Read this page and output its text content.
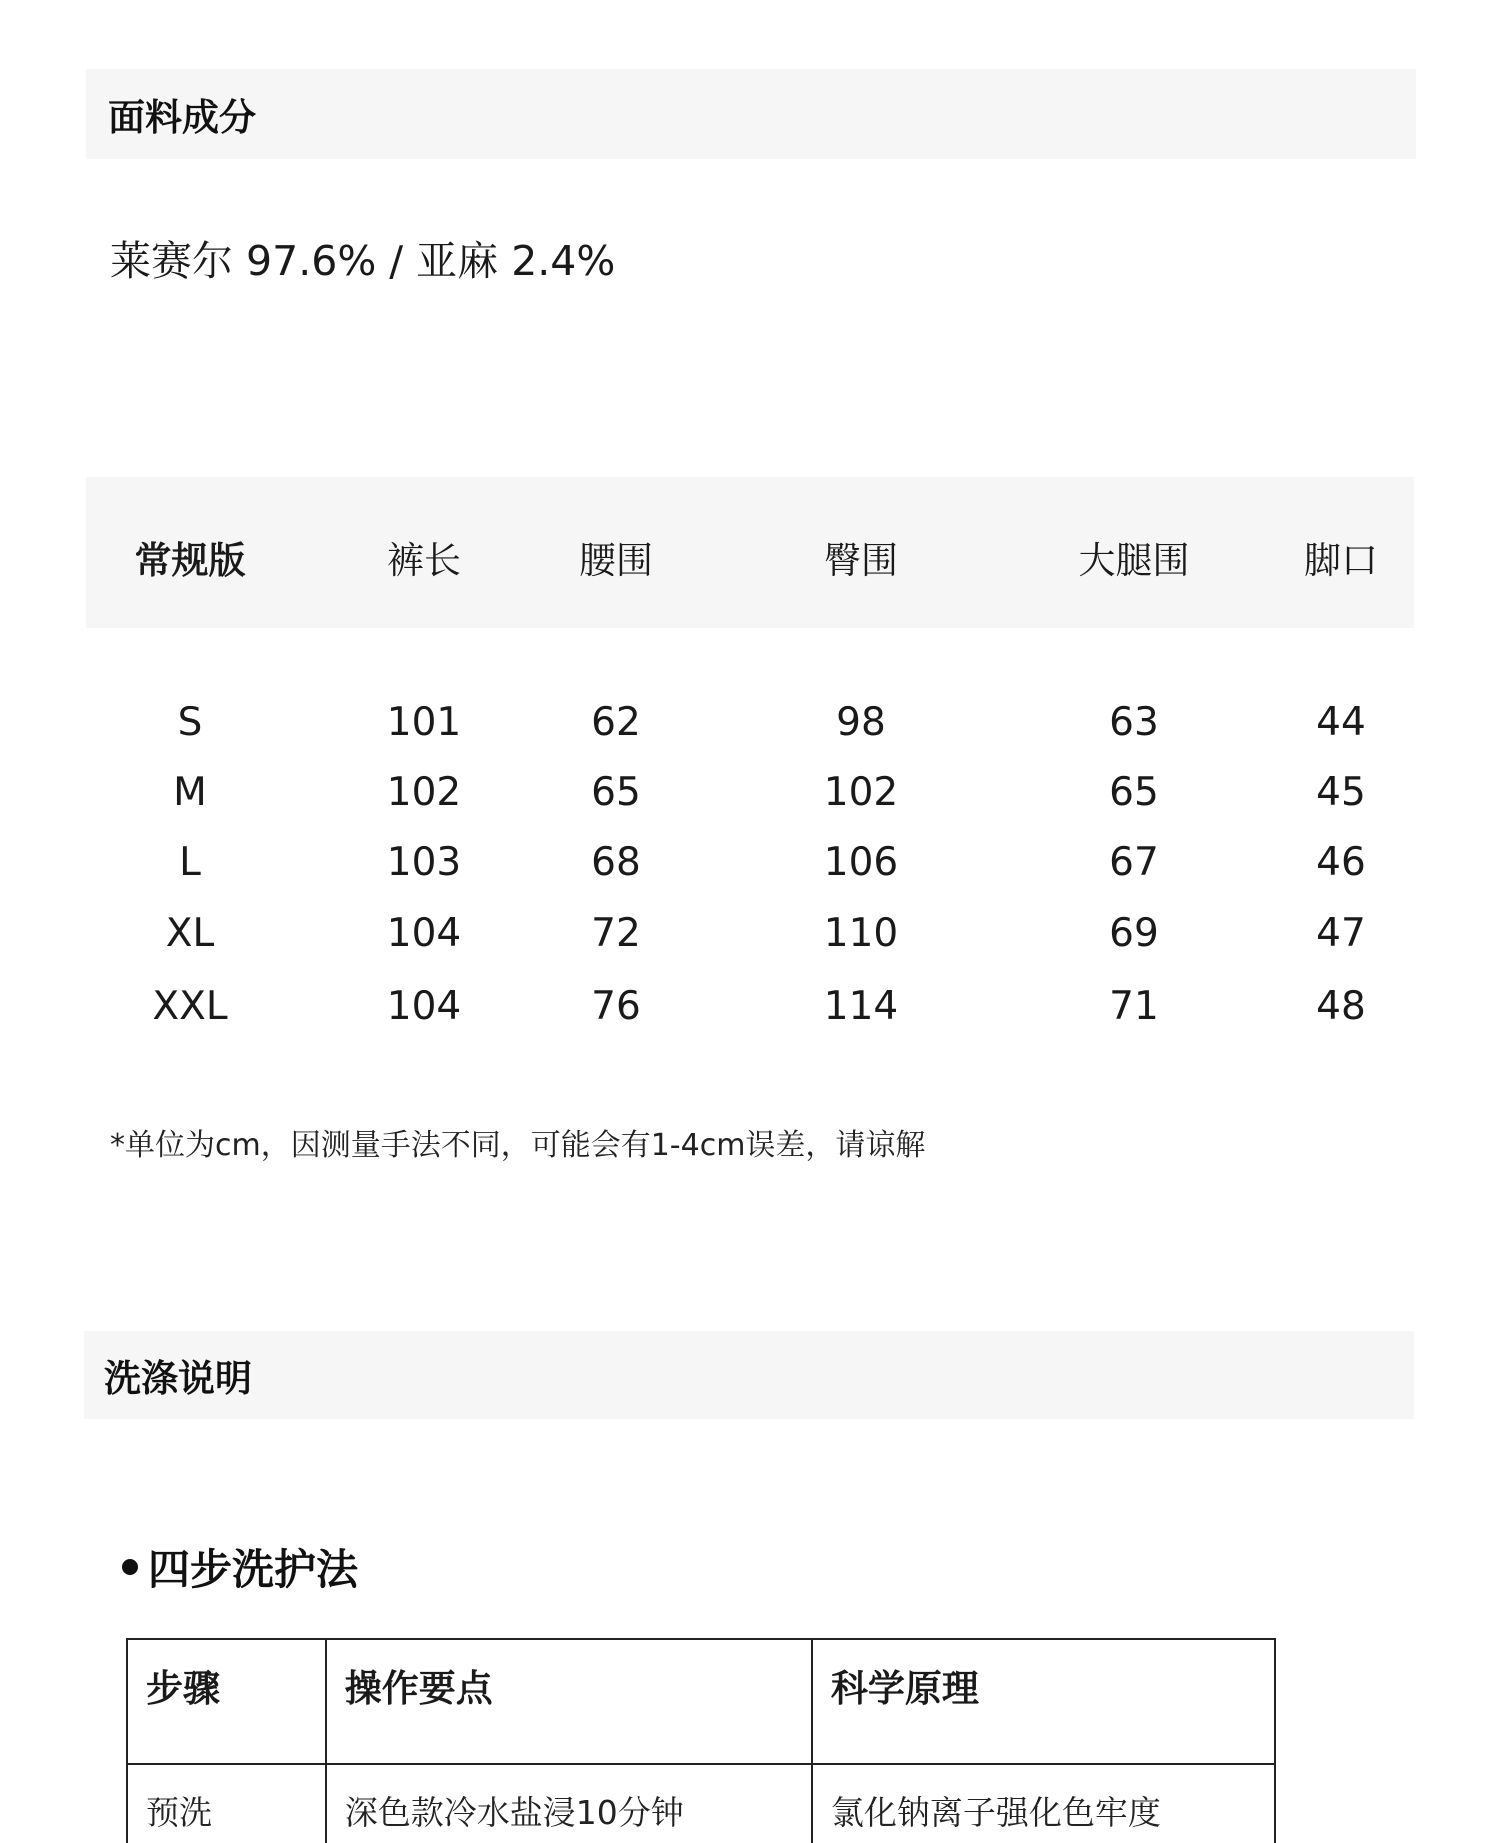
面料成分
莱赛尔 97.6% / 亚麻 2.4%
常规版	裤长	腰围	臀围	大腿围	脚口
S	101	62	98	63	44
M	102	65	102	65	45
L	103	68	106	67	46
XL	104	72	110	69	47
XXL	104	76	114	71	48
*单位为cm，因测量手法不同，可能会有1-4cm误差，请谅解
洗涤说明
四步洗护法
步骤	操作要点	科学原理
预洗	深色款冷水盐浸10分钟	氯化钠离子强化色牢度
